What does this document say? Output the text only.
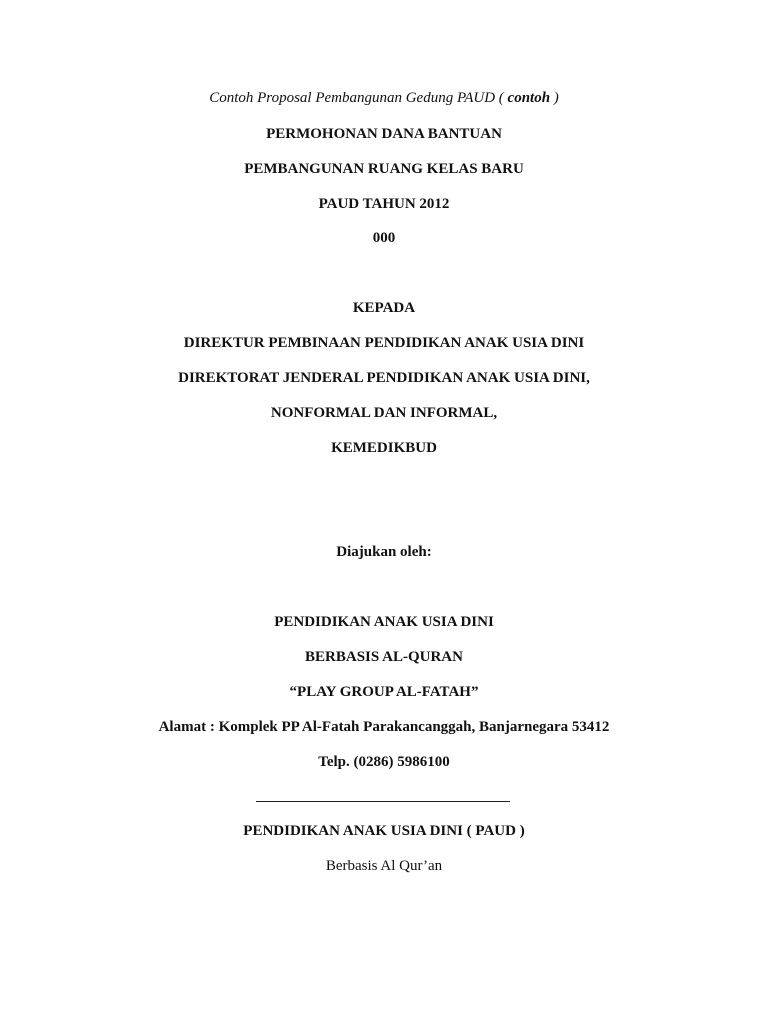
Contoh Proposal Pembangunan Gedung PAUD ( contoh )
PERMOHONAN DANA BANTUAN
PEMBANGUNAN RUANG KELAS BARU
PAUD TAHUN 2012
000
KEPADA
DIREKTUR PEMBINAAN PENDIDIKAN ANAK USIA DINI
DIREKTORAT JENDERAL PENDIDIKAN ANAK USIA DINI,
NONFORMAL DAN INFORMAL,
KEMEDIKBUD
Diajukan oleh:
PENDIDIKAN ANAK USIA DINI
BERBASIS AL-QURAN
“PLAY GROUP AL-FATAH”
Alamat : Komplek PP Al-Fatah Parakancanggah, Banjarnegara 53412
Telp. (0286) 5986100
PENDIDIKAN ANAK USIA DINI ( PAUD )
Berbasis Al Qur’an
